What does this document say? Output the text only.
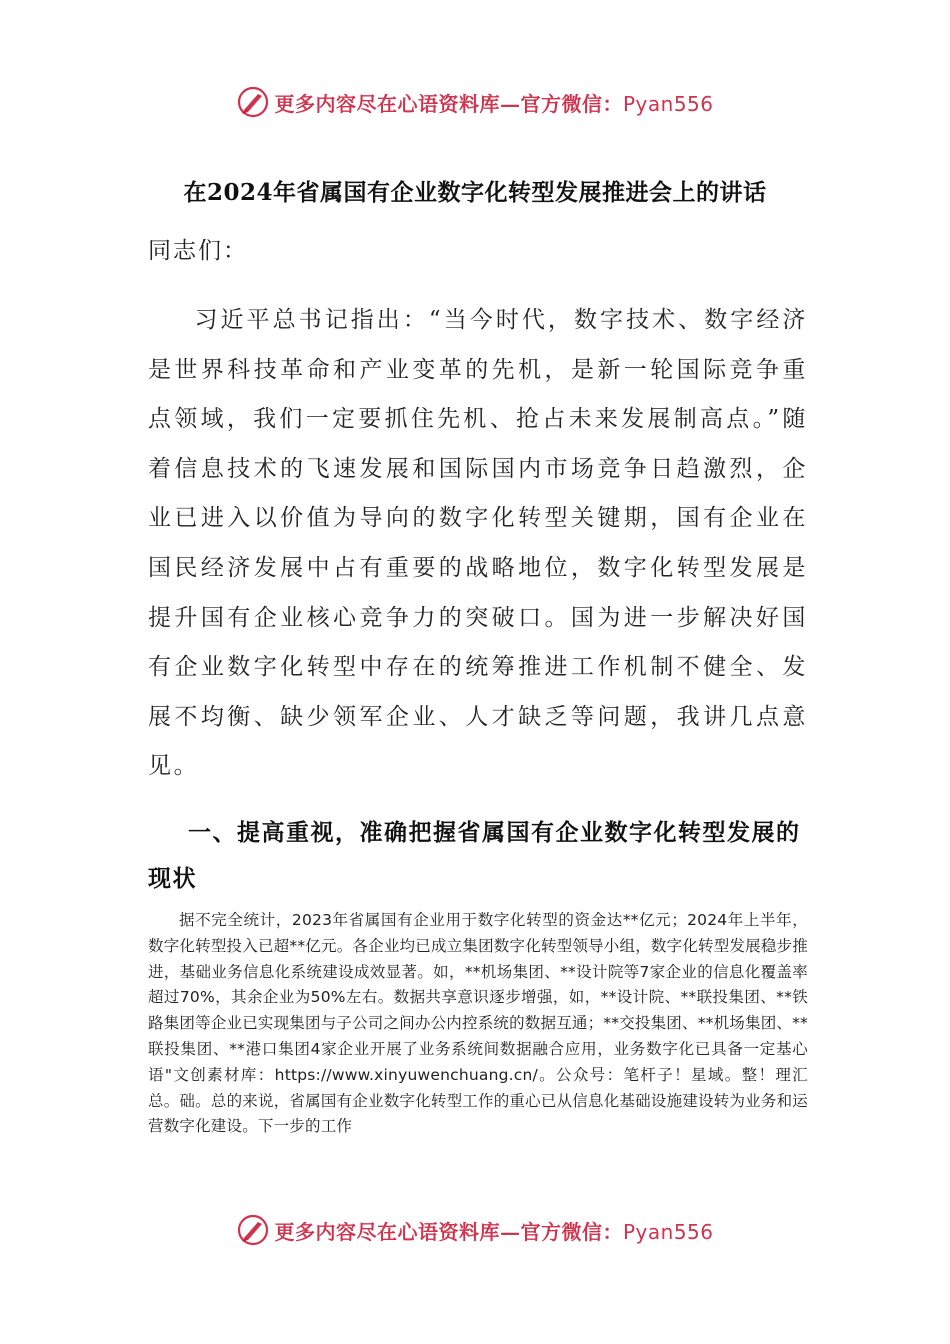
更多内容尽在心语资料库—官方微信：Pyan556
在2024年省属国有企业数字化转型发展推进会上的讲话
同志们：
习近平总书记指出：“当今时代，数字技术、数字经济是世界科技革命和产业变革的先机，是新一轮国际竞争重点领域，我们一定要抓住先机、抢占未来发展制高点。”随着信息技术的飞速发展和国际国内市场竞争日趋激烈，企业已进入以价值为导向的数字化转型关键期，国有企业在国民经济发展中占有重要的战略地位，数字化转型发展是提升国有企业核心竞争力的突破口。国为进一步解决好国有企业数字化转型中存在的统筹推进工作机制不健全、发展不均衡、缺少领军企业、人才缺乏等问题，我讲几点意见。
一、提高重视，准确把握省属国有企业数字化转型发展的现状

据不完全统计，2023年省属国有企业用于数字化转型的资金达**亿元；2024年上半年，数字化转型投入已超**亿元。各企业均已成立集团数字化转型领导小组，数字化转型发展稳步推进，基础业务信息化系统建设成效显著。如，**机场集团、**设计院等7家企业的信息化覆盖率超过70%，其余企业为50%左右。数据共享意识逐步增强，如，**设计院、**联投集团、**铁路集团等企业已实现集团与子公司之间办公内控系统的数据互通；**交投集团、**机场集团、**联投集团、**港口集团4家企业开展了业务系统间数据融合应用，业务数字化已具备一定基心语"文创素材库：https://www.xinyuwenchuang.cn/。公众号：笔杆子！星域。整！理汇总。础。总的来说，省属国有企业数字化转型工作的重心已从信息化基础设施建设转为业务和运营数字化建设。下一步的工作

更多内容尽在心语资料库—官方微信：Pyan556
